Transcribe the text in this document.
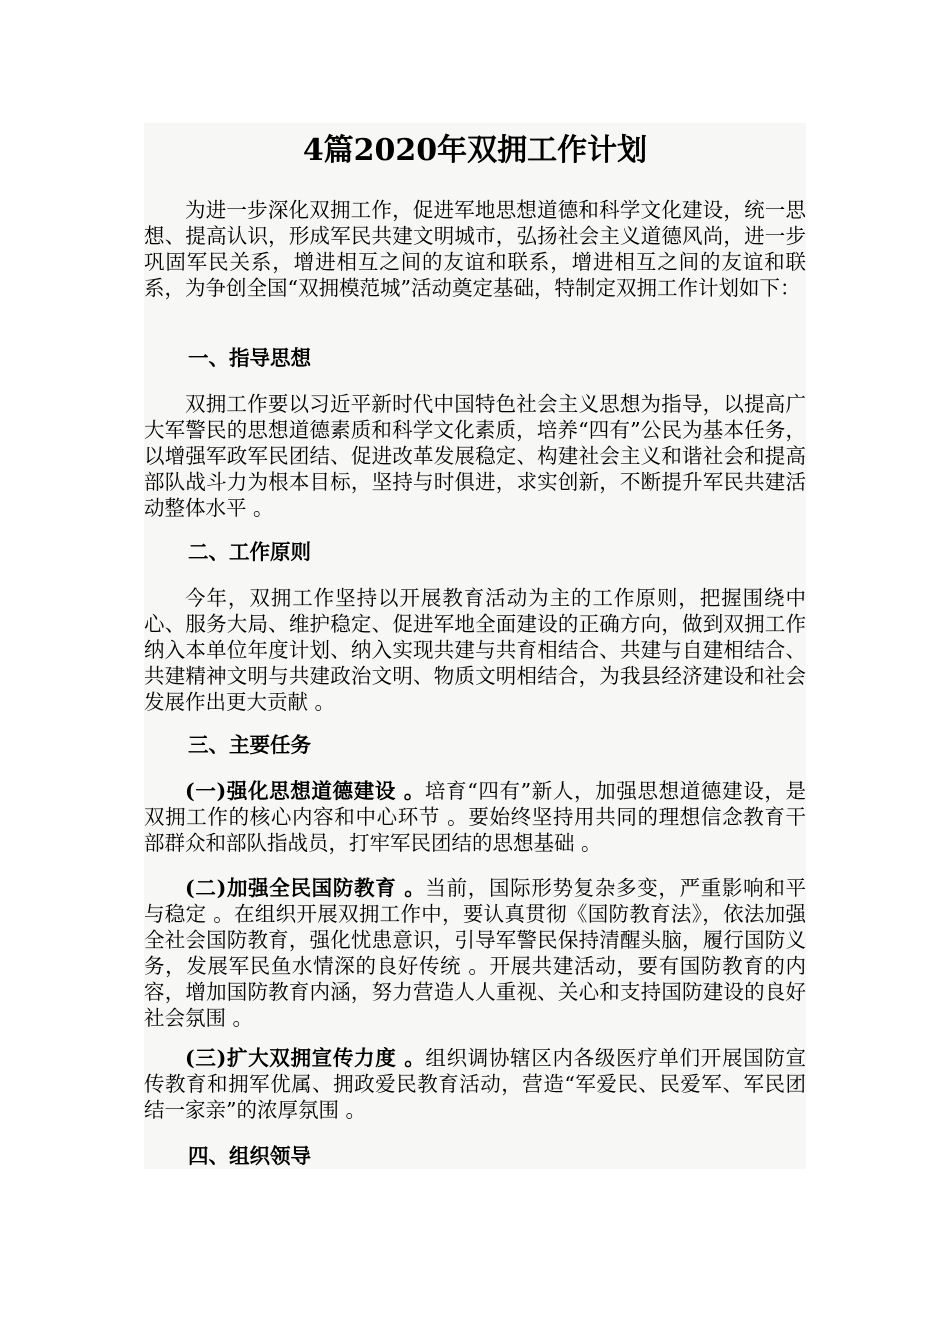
4篇2020年双拥工作计划

为进一步深化双拥工作，促进军地思想道德和科学文化建设，统一思想、提高认识，形成军民共建文明城市，弘扬社会主义道德风尚，进一步巩固军民关系，增进相互之间的友谊和联系，增进相互之间的友谊和联系，为争创全国“双拥模范城”活动奠定基础，特制定双拥工作计划如下：

一、指导思想

双拥工作要以习近平新时代中国特色社会主义思想为指导，以提高广大军警民的思想道德素质和科学文化素质，培养“四有”公民为基本任务，以增强军政军民团结、促进改革发展稳定、构建社会主义和谐社会和提高部队战斗力为根本目标，坚持与时俱进，求实创新，不断提升军民共建活动整体水平 。

二、工作原则

今年，双拥工作坚持以开展教育活动为主的工作原则，把握围绕中心、服务大局、维护稳定、促进军地全面建设的正确方向，做到双拥工作纳入本单位年度计划、纳入实现共建与共育相结合、共建与自建相结合、共建精神文明与共建政治文明、物质文明相结合，为我县经济建设和社会发展作出更大贡献 。

三、主要任务

(一)强化思想道德建设 。培育“四有”新人，加强思想道德建设，是双拥工作的核心内容和中心环节 。要始终坚持用共同的理想信念教育干部群众和部队指战员，打牢军民团结的思想基础 。

(二)加强全民国防教育 。当前，国际形势复杂多变，严重影响和平与稳定 。在组织开展双拥工作中，要认真贯彻《国防教育法》，依法加强全社会国防教育，强化忧患意识，引导军警民保持清醒头脑，履行国防义务，发展军民鱼水情深的良好传统 。开展共建活动，要有国防教育的内容，增加国防教育内涵，努力营造人人重视、关心和支持国防建设的良好社会氛围 。

(三)扩大双拥宣传力度 。组织调协辖区内各级医疗单们开展国防宣传教育和拥军优属、拥政爱民教育活动，营造“军爱民、民爱军、军民团结一家亲”的浓厚氛围 。

四、组织领导
